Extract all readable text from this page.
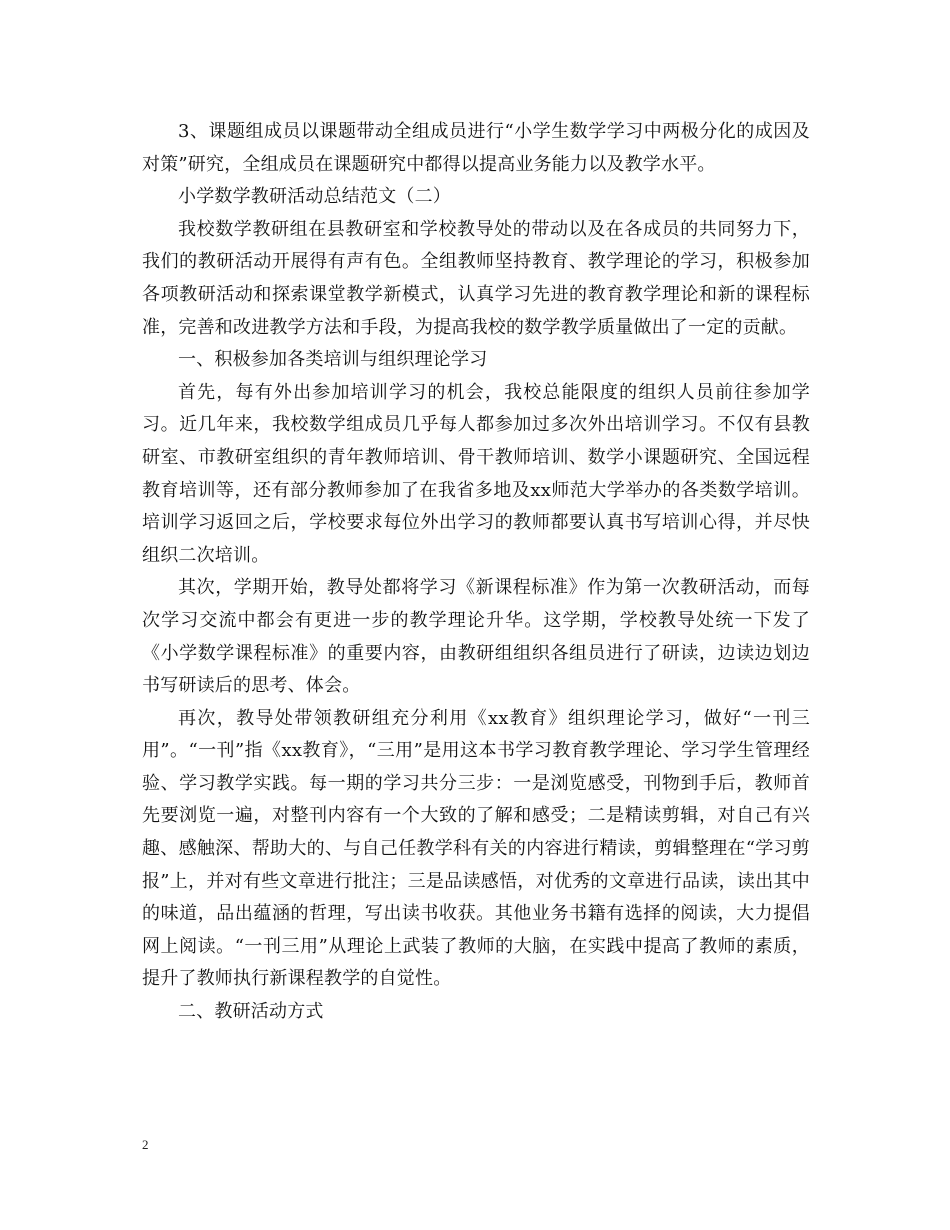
3、课题组成员以课题带动全组成员进行“小学生数学学习中两极分化的成因及对策”研究，全组成员在课题研究中都得以提高业务能力以及教学水平。

小学数学教研活动总结范文（二）

我校数学教研组在县教研室和学校教导处的带动以及在各成员的共同努力下，我们的教研活动开展得有声有色。全组教师坚持教育、教学理论的学习，积极参加各项教研活动和探索课堂教学新模式，认真学习先进的教育教学理论和新的课程标准，完善和改进教学方法和手段，为提高我校的数学教学质量做出了一定的贡献。

一、积极参加各类培训与组织理论学习

首先，每有外出参加培训学习的机会，我校总能限度的组织人员前往参加学习。近几年来，我校数学组成员几乎每人都参加过多次外出培训学习。不仅有县教研室、市教研室组织的青年教师培训、骨干教师培训、数学小课题研究、全国远程教育培训等，还有部分教师参加了在我省多地及xx师范大学举办的各类数学培训。培训学习返回之后，学校要求每位外出学习的教师都要认真书写培训心得，并尽快组织二次培训。

其次，学期开始，教导处都将学习《新课程标准》作为第一次教研活动，而每次学习交流中都会有更进一步的教学理论升华。这学期，学校教导处统一下发了《小学数学课程标准》的重要内容，由教研组组织各组员进行了研读，边读边划边书写研读后的思考、体会。

再次，教导处带领教研组充分利用《xx教育》组织理论学习，做好“一刊三用”。“一刊”指《xx教育》，“三用”是用这本书学习教育教学理论、学习学生管理经验、学习教学实践。每一期的学习共分三步：一是浏览感受，刊物到手后，教师首先要浏览一遍，对整刊内容有一个大致的了解和感受；二是精读剪辑，对自己有兴趣、感触深、帮助大的、与自己任教学科有关的内容进行精读，剪辑整理在“学习剪报”上，并对有些文章进行批注；三是品读感悟，对优秀的文章进行品读，读出其中的味道，品出蕴涵的哲理，写出读书收获。其他业务书籍有选择的阅读，大力提倡网上阅读。“一刊三用”从理论上武装了教师的大脑，在实践中提高了教师的素质，提升了教师执行新课程教学的自觉性。

二、教研活动方式

2
